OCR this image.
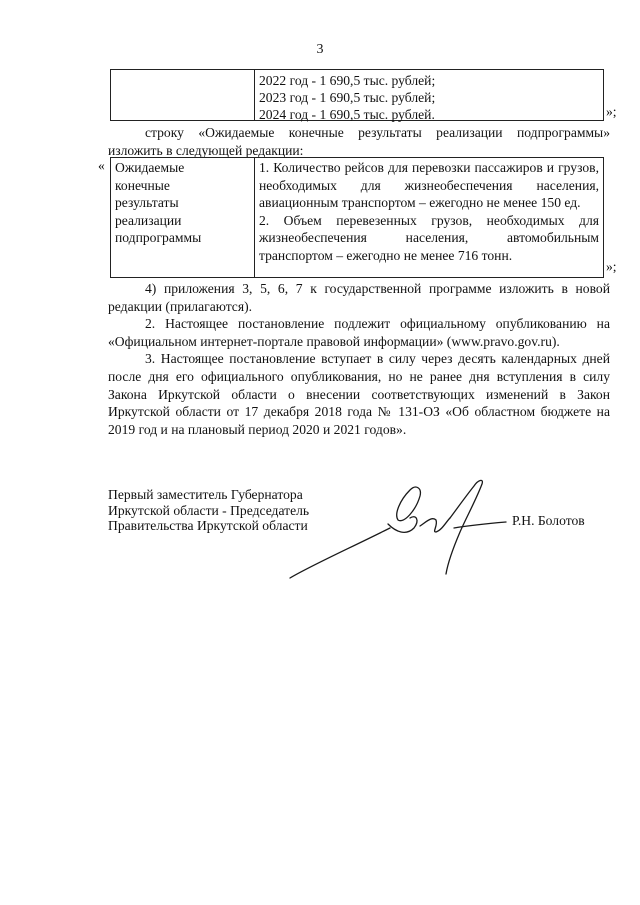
3
2022 год - 1 690,5 тыс. рублей;
2023 год - 1 690,5 тыс. рублей;
2024 год - 1 690,5 тыс. рублей.	»;

строку «Ожидаемые конечные результаты реализации подпрограммы»

изложить в следующей редакции:

« Ожидаемые
конечные
результаты
реализации
подпрограммы

1. Количество рейсов для перевозки пассажиров и грузов, необходимых для жизнеобеспечения населения, авиационным транспортом – ежегодно не менее 150 ед.

2. Объем перевезенных грузов, необходимых для жизнеобеспечения населения, автомобильным транспортом – ежегодно не менее 716 тонн.

»;

4) приложения 3, 5, 6, 7 к государственной программе изложить в новой редакции (прилагаются).

2. Настоящее постановление подлежит официальному опубликованию на «Официальном интернет-портале правовой информации» (www.pravo.gov.ru).

3. Настоящее постановление вступает в силу через десять календарных дней после дня его официального опубликования, но не ранее дня вступления в силу Закона Иркутской области о внесении соответствующих изменений в Закон Иркутской области от 17 декабря 2018 года № 131-ОЗ «Об областном бюджете на 2019 год и на плановый период 2020 и 2021 годов».

Первый заместитель Губернатора
Иркутской области - Председатель
Правительства Иркутской области	Р.Н. Болотов
